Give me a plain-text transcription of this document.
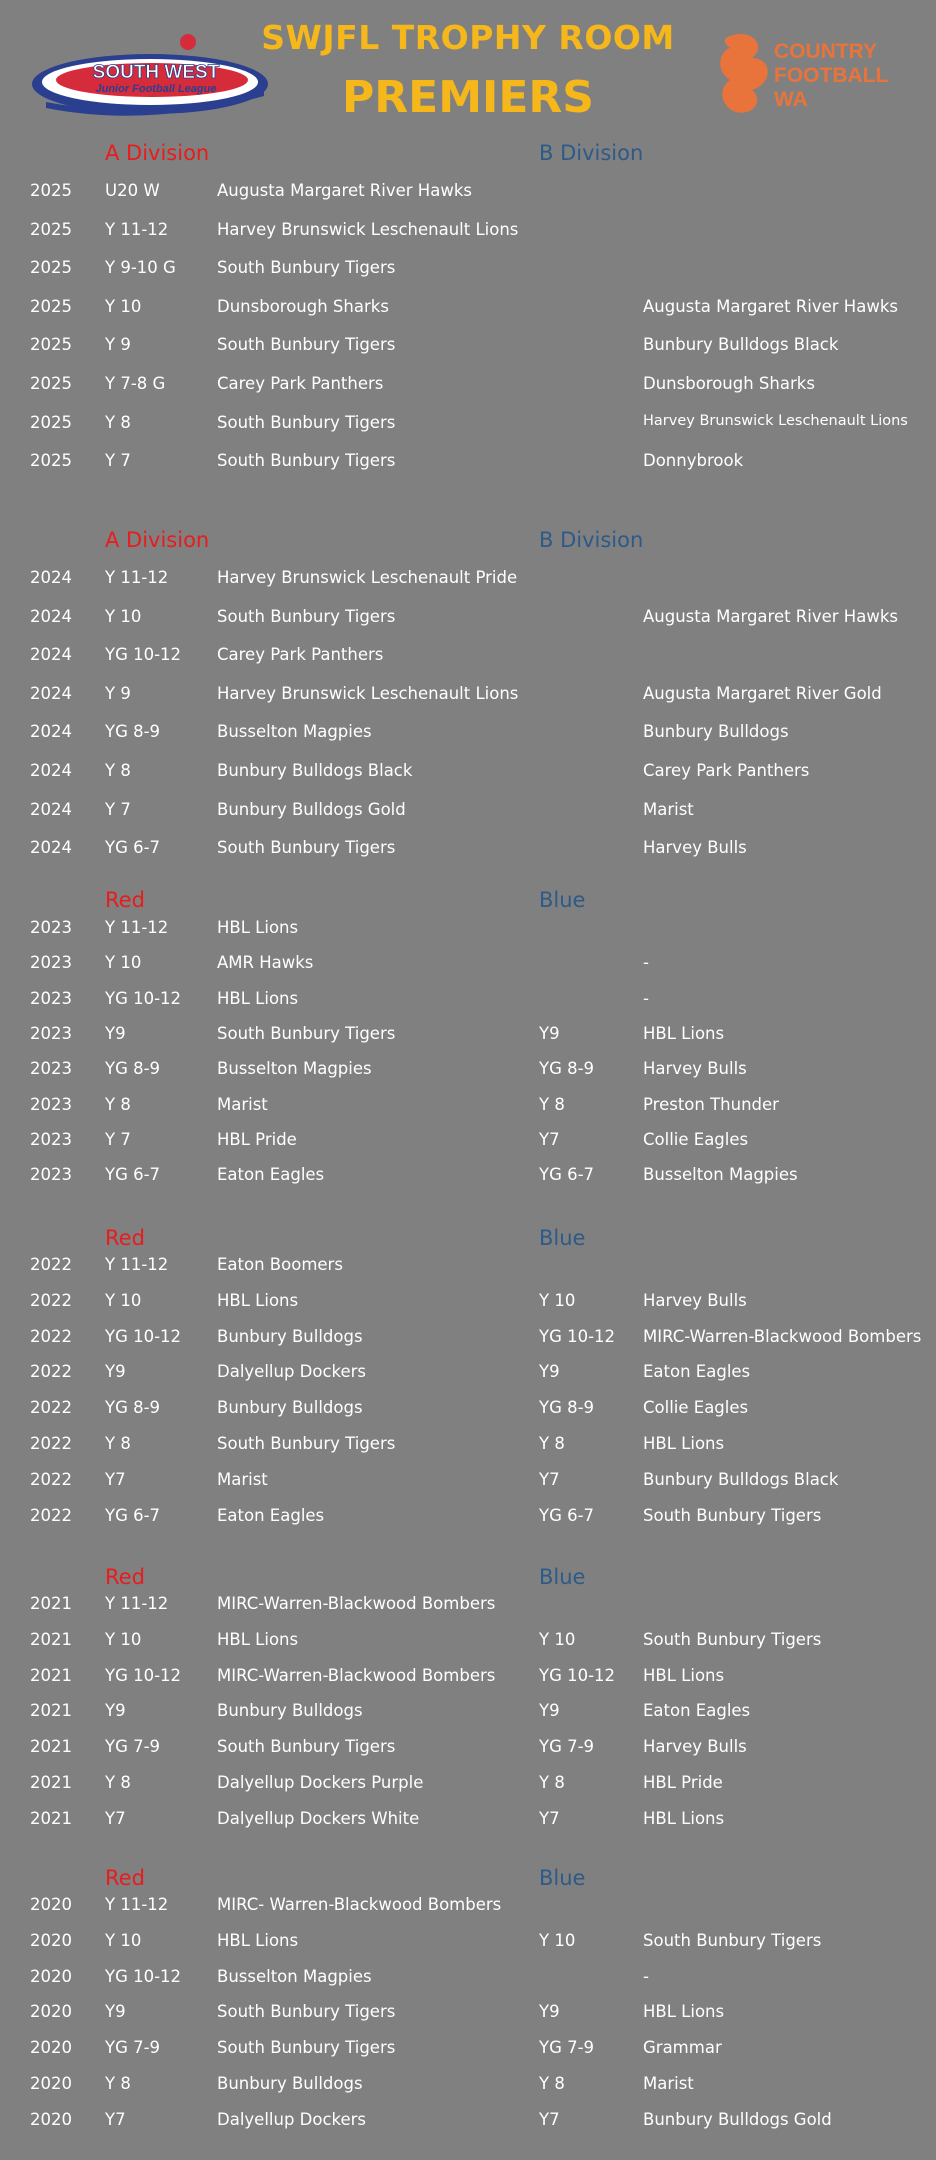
SOUTH WEST
Junior Football League
SWJFL TROPHY ROOM
PREMIERS
COUNTRY
FOOTBALL
WA
A Division	B Division
2025 U20 W	Augusta Margaret River Hawks
2025 Y 11-12	Harvey Brunswick Leschenault Lions
2025 Y 9-10 G South Bunbury Tigers
2025 Y 10	Dunsborough Sharks	Augusta Margaret River Hawks
2025 Y 9	South Bunbury Tigers	Bunbury Bulldogs Black
2025 Y 7-8 G	Carey Park Panthers	Dunsborough Sharks
2025 Y 8	South Bunbury Tigers	Harvey Brunswick Leschenault Lions
2025 Y 7	South Bunbury Tigers	Donnybrook
A Division	B Division
2024 Y 11-12	Harvey Brunswick Leschenault Pride
2024 Y 10	South Bunbury Tigers	Augusta Margaret River Hawks
2024 YG 10-12 Carey Park Panthers
2024 Y 9	Harvey Brunswick Leschenault Lions	Augusta Margaret River Gold
2024 YG 8-9	Busselton Magpies	Bunbury Bulldogs
2024 Y 8	Bunbury Bulldogs Black	Carey Park Panthers
2024 Y 7	Bunbury Bulldogs Gold	Marist
2024 YG 6-7	South Bunbury Tigers	Harvey Bulls
Red	Blue
2023 Y 11-12	HBL Lions
2023 Y 10	AMR Hawks	-
2023 YG 10-12 HBL Lions	-
2023 Y9	South Bunbury Tigers	Y9	HBL Lions
2023 YG 8-9	Busselton Magpies	YG 8-9	Harvey Bulls
2023 Y 8	Marist	Y 8	Preston Thunder
2023 Y 7	HBL Pride	Y7	Collie Eagles
2023 YG 6-7	Eaton Eagles	YG 6-7	Busselton Magpies
Red	Blue
2022 Y 11-12	Eaton Boomers
2022 Y 10	HBL Lions	Y 10	Harvey Bulls
2022 YG 10-12 Bunbury Bulldogs	YG 10-12 MIRC-Warren-Blackwood Bombers
2022 Y9	Dalyellup Dockers	Y9	Eaton Eagles
2022 YG 8-9	Bunbury Bulldogs	YG 8-9	Collie Eagles
2022 Y 8	South Bunbury Tigers	Y 8	HBL Lions
2022 Y7	Marist	Y7	Bunbury Bulldogs Black
2022 YG 6-7	Eaton Eagles	YG 6-7	South Bunbury Tigers
Red	Blue
2021 Y 11-12	MIRC-Warren-Blackwood Bombers
2021 Y 10	HBL Lions	Y 10	South Bunbury Tigers
2021 YG 10-12 MIRC-Warren-Blackwood Bombers	YG 10-12 HBL Lions
2021 Y9	Bunbury Bulldogs	Y9	Eaton Eagles
2021 YG 7-9	South Bunbury Tigers	YG 7-9	Harvey Bulls
2021 Y 8	Dalyellup Dockers Purple	Y 8	HBL Pride
2021 Y7	Dalyellup Dockers White	Y7	HBL Lions
Red	Blue
2020 Y 11-12	MIRC- Warren-Blackwood Bombers
2020 Y 10	HBL Lions	Y 10	South Bunbury Tigers
2020 YG 10-12 Busselton Magpies	-
2020 Y9	South Bunbury Tigers	Y9	HBL Lions
2020 YG 7-9	South Bunbury Tigers	YG 7-9	Grammar
2020 Y 8	Bunbury Bulldogs	Y 8	Marist
2020 Y7	Dalyellup Dockers	Y7	Bunbury Bulldogs Gold
